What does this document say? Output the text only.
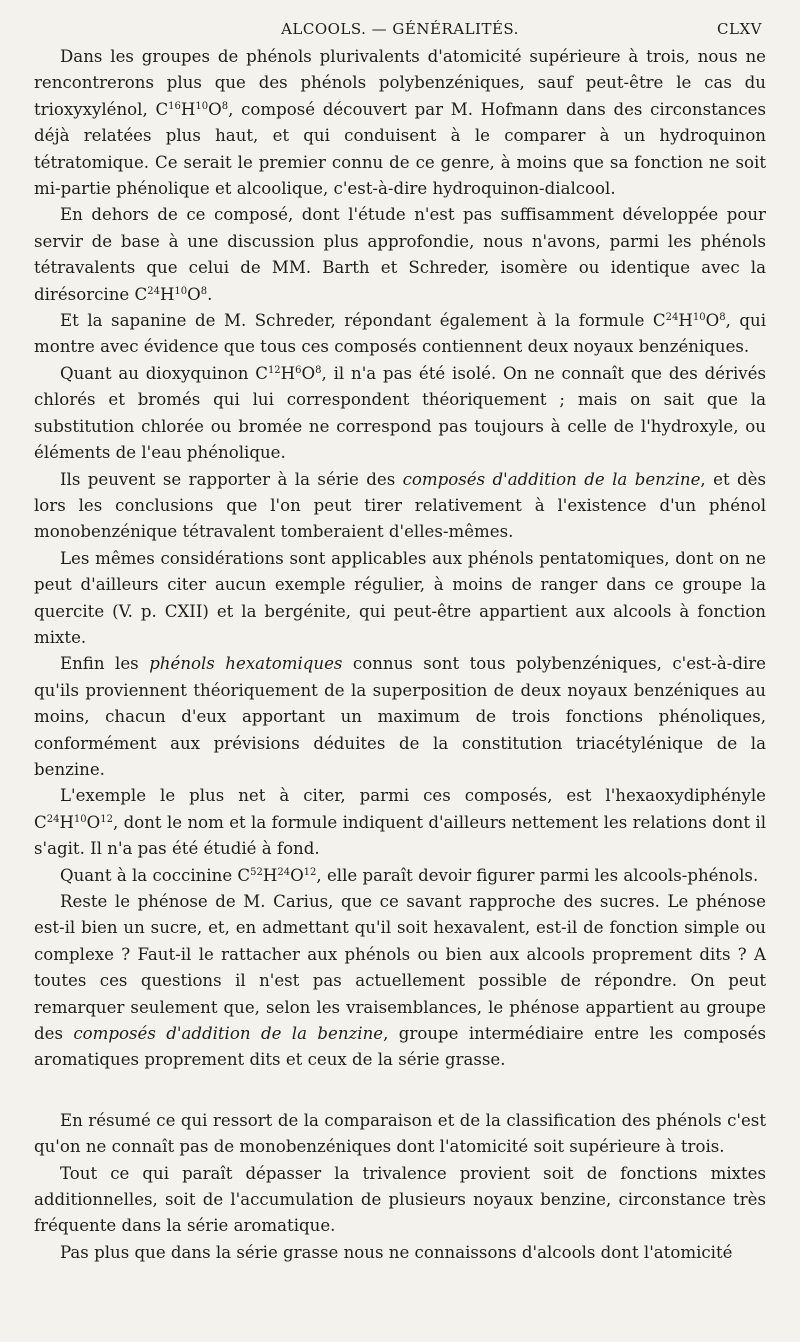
ALCOOLS. — GÉNÉRALITÉS.	CLXV

Dans les groupes de phénols plurivalents d'atomicité supérieure à trois, nous ne rencontrerons plus que des phénols polybenzéniques, sauf peut-être le cas du trioxyxylénol, $C^{16}H^{10}O^8$, composé découvert par M. Hofmann dans des circonstances déjà relatées plus haut, et qui conduisent à le comparer à un hydroquinon tétratomique. Ce serait le premier connu de ce genre, à moins que sa fonction ne soit mi-partie phénolique et alcoolique, c'est-à-dire hydroquinon-dialcool.

En dehors de ce composé, dont l'étude n'est pas suffisamment développée pour servir de base à une discussion plus approfondie, nous n'avons, parmi les phénols tétravalents que celui de MM. Barth et Schreder, isomère ou identique avec la dirésorcine $C^{24}H^{10}O^8$.

Et la sapanine de M. Schreder, répondant également à la formule $C^{24}H^{10}O^8$, qui montre avec évidence que tous ces composés contiennent deux noyaux benzéniques.

Quant au dioxyquinon $C^{12}H^6O^8$, il n'a pas été isolé. On ne connaît que des dérivés chlorés et bromés qui lui correspondent théoriquement ; mais on sait que la substitution chlorée ou bromée ne correspond pas toujours à celle de l'hydroxyle, ou éléments de l'eau phénolique.

Ils peuvent se rapporter à la série des composés d'addition de la benzine, et dès lors les conclusions que l'on peut tirer relativement à l'existence d'un phénol monobenzénique tétravalent tomberaient d'elles-mêmes.

Les mêmes considérations sont applicables aux phénols pentatomiques, dont on ne peut d'ailleurs citer aucun exemple régulier, à moins de ranger dans ce groupe la quercite (V. p. CXII) et la bergénite, qui peut-être appartient aux alcools à fonction mixte.

Enfin les phénols hexatomiques connus sont tous polybenzéniques, c'est-à-dire qu'ils proviennent théoriquement de la superposition de deux noyaux benzéniques au moins, chacun d'eux apportant un maximum de trois fonctions phénoliques, conformément aux prévisions déduites de la constitution triacétylénique de la benzine.

L'exemple le plus net à citer, parmi ces composés, est l'hexaoxydiphényle $C^{24}H^{10}O^{12}$, dont le nom et la formule indiquent d'ailleurs nettement les relations dont il s'agit. Il n'a pas été étudié à fond.

Quant à la coccinine $C^{52}H^{24}O^{12}$, elle paraît devoir figurer parmi les alcools-phénols.

Reste le phénose de M. Carius, que ce savant rapproche des sucres. Le phénose est-il bien un sucre, et, en admettant qu'il soit hexavalent, est-il de fonction simple ou complexe ? Faut-il le rattacher aux phénols ou bien aux alcools proprement dits ? A toutes ces questions il n'est pas actuellement possible de répondre. On peut remarquer seulement que, selon les vraisemblances, le phénose appartient au groupe des composés d'addition de la benzine, groupe intermédiaire entre les composés aromatiques proprement dits et ceux de la série grasse.

En résumé ce qui ressort de la comparaison et de la classification des phénols c'est qu'on ne connaît pas de monobenzéniques dont l'atomicité soit supérieure à trois.

Tout ce qui paraît dépasser la trivalence provient soit de fonctions mixtes additionnelles, soit de l'accumulation de plusieurs noyaux benzine, circonstance très fréquente dans la série aromatique.

Pas plus que dans la série grasse nous ne connaissons d'alcools dont l'atomicité
